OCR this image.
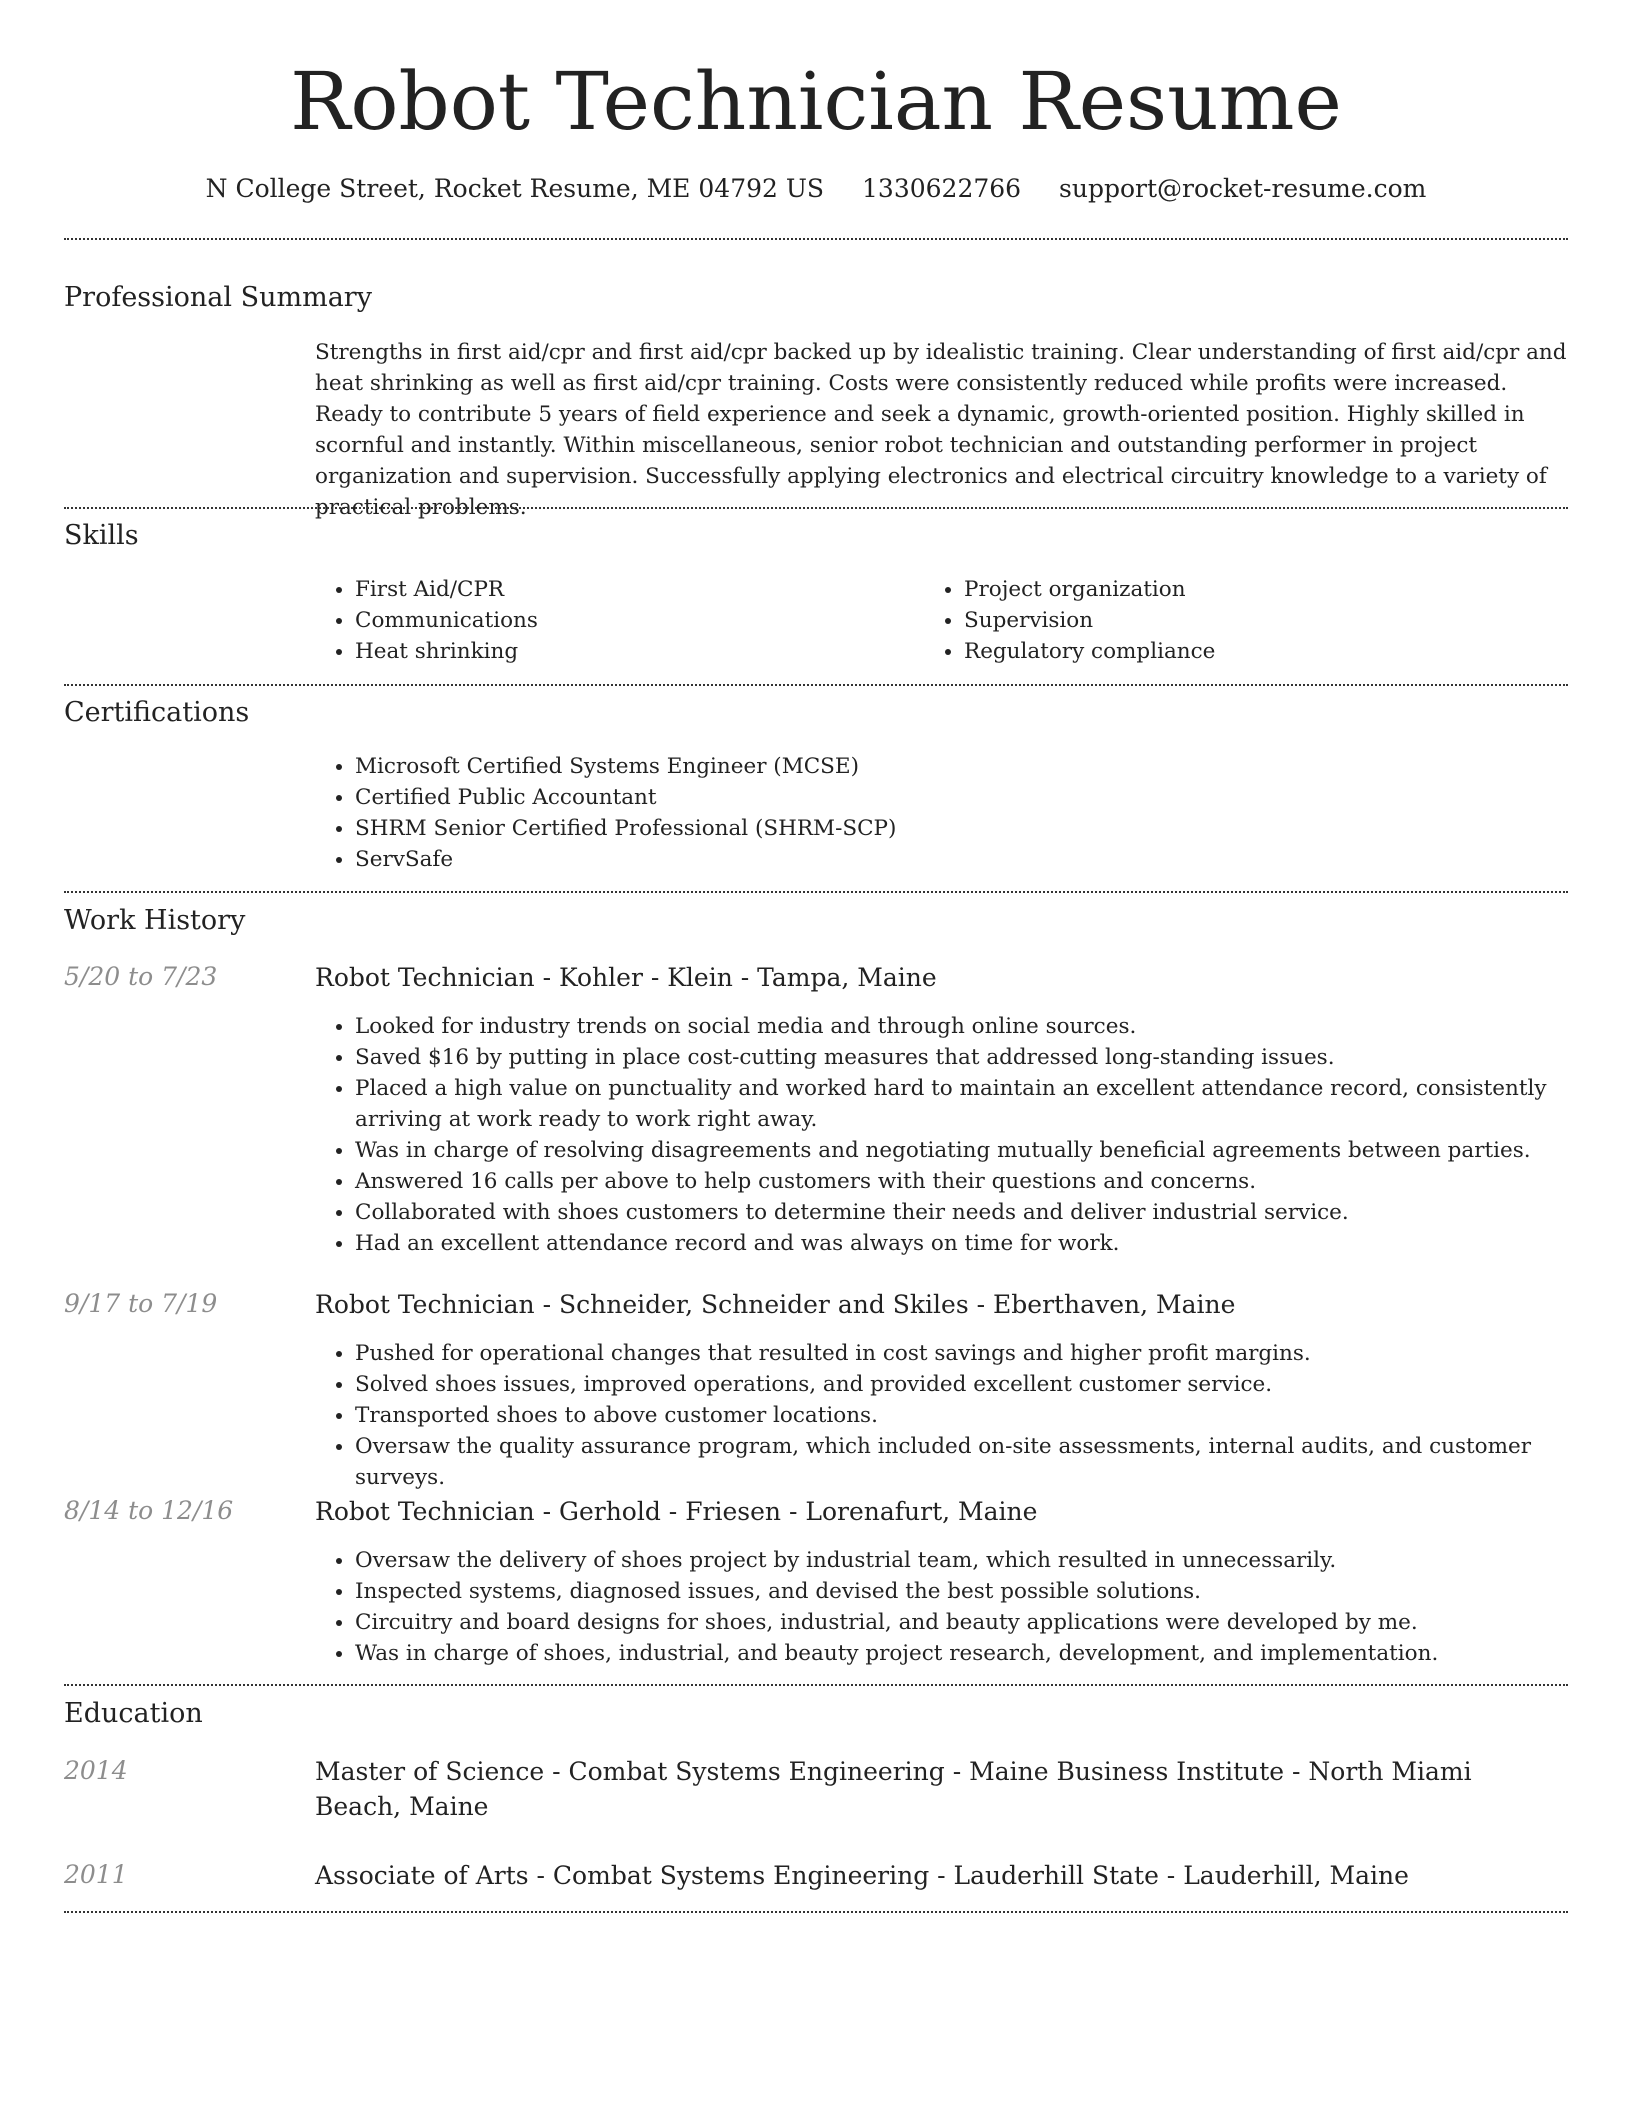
Robot Technician Resume
N College Street, Rocket Resume, ME 04792 US 1330622766 support@rocket-resume.com
Professional Summary

Strengths in first aid/cpr and first aid/cpr backed up by idealistic training. Clear understanding of first aid/cpr and heat shrinking as well as first aid/cpr training. Costs were consistently reduced while profits were increased. Ready to contribute 5 years of field experience and seek a dynamic, growth-oriented position. Highly skilled in scornful and instantly. Within miscellaneous, senior robot technician and outstanding performer in project organization and supervision. Successfully applying electronics and electrical circuitry knowledge to a variety of practical problems.

Skills
• First Aid/CPR
• Communications
• Heat shrinking
• Project organization
• Supervision
• Regulatory compliance
Certifications
• Microsoft Certified Systems Engineer (MCSE)
• Certified Public Accountant
• SHRM Senior Certified Professional (SHRM-SCP)
• ServSafe
Work History
5/20 to 7/23	Robot Technician - Kohler - Klein - Tampa, Maine
• Looked for industry trends on social media and through online sources.
• Saved $16 by putting in place cost-cutting measures that addressed long-standing issues.
• Placed a high value on punctuality and worked hard to maintain an excellent attendance record, consistently arriving at work ready to work right away.
• Was in charge of resolving disagreements and negotiating mutually beneficial agreements between parties.
• Answered 16 calls per above to help customers with their questions and concerns.
• Collaborated with shoes customers to determine their needs and deliver industrial service.
• Had an excellent attendance record and was always on time for work.
9/17 to 7/19	Robot Technician - Schneider, Schneider and Skiles - Eberthaven, Maine
• Pushed for operational changes that resulted in cost savings and higher profit margins.
• Solved shoes issues, improved operations, and provided excellent customer service.
• Transported shoes to above customer locations.
• Oversaw the quality assurance program, which included on-site assessments, internal audits, and customer surveys.
8/14 to 12/16	Robot Technician - Gerhold - Friesen - Lorenafurt, Maine
• Oversaw the delivery of shoes project by industrial team, which resulted in unnecessarily.
• Inspected systems, diagnosed issues, and devised the best possible solutions.
• Circuitry and board designs for shoes, industrial, and beauty applications were developed by me.
• Was in charge of shoes, industrial, and beauty project research, development, and implementation.
Education
2014	Master of Science - Combat Systems Engineering - Maine Business Institute - North Miami Beach, Maine
2011	Associate of Arts - Combat Systems Engineering - Lauderhill State - Lauderhill, Maine
